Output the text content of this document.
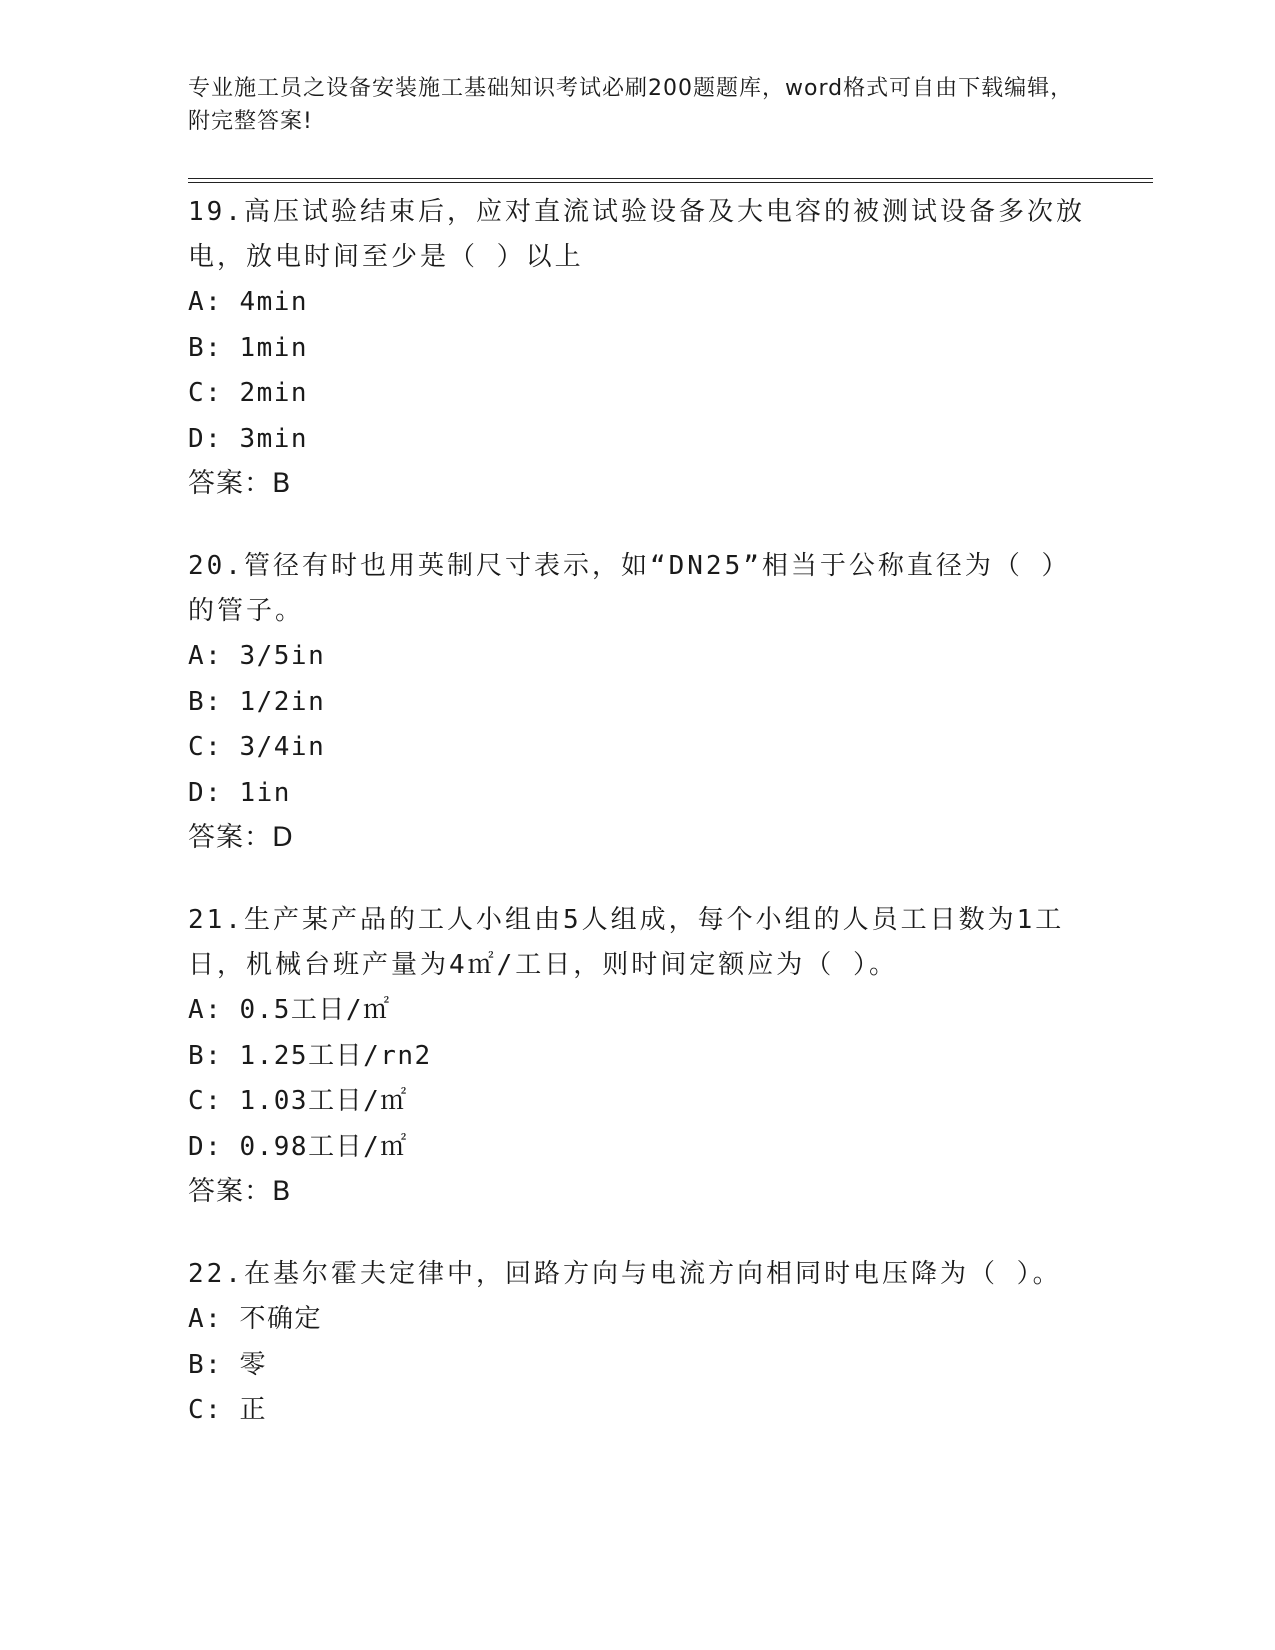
专业施工员之设备安装施工基础知识考试必刷200题题库，word格式可自由下载编辑，附完整答案!

19.高压试验结束后，应对直流试验设备及大电容的被测试设备多次放电，放电时间至少是（ ）以上

A: 4min

B: 1min

C: 2min

D: 3min

答案：B

20.管径有时也用英制尺寸表示，如“DN25”相当于公称直径为（ ）的管子。

A: 3/5in

B: 1/2in

C: 3/4in

D: 1in

答案：D

21.生产某产品的工人小组由5人组成，每个小组的人员工日数为1工日，机械台班产量为4㎡/工日，则时间定额应为（ ）。

A: 0.5工日/㎡

B: 1.25工日/rn2

C: 1.03工日/㎡

D: 0.98工日/㎡

答案：B

22.在基尔霍夫定律中，回路方向与电流方向相同时电压降为（ ）。

A: 不确定

B: 零

C: 正
